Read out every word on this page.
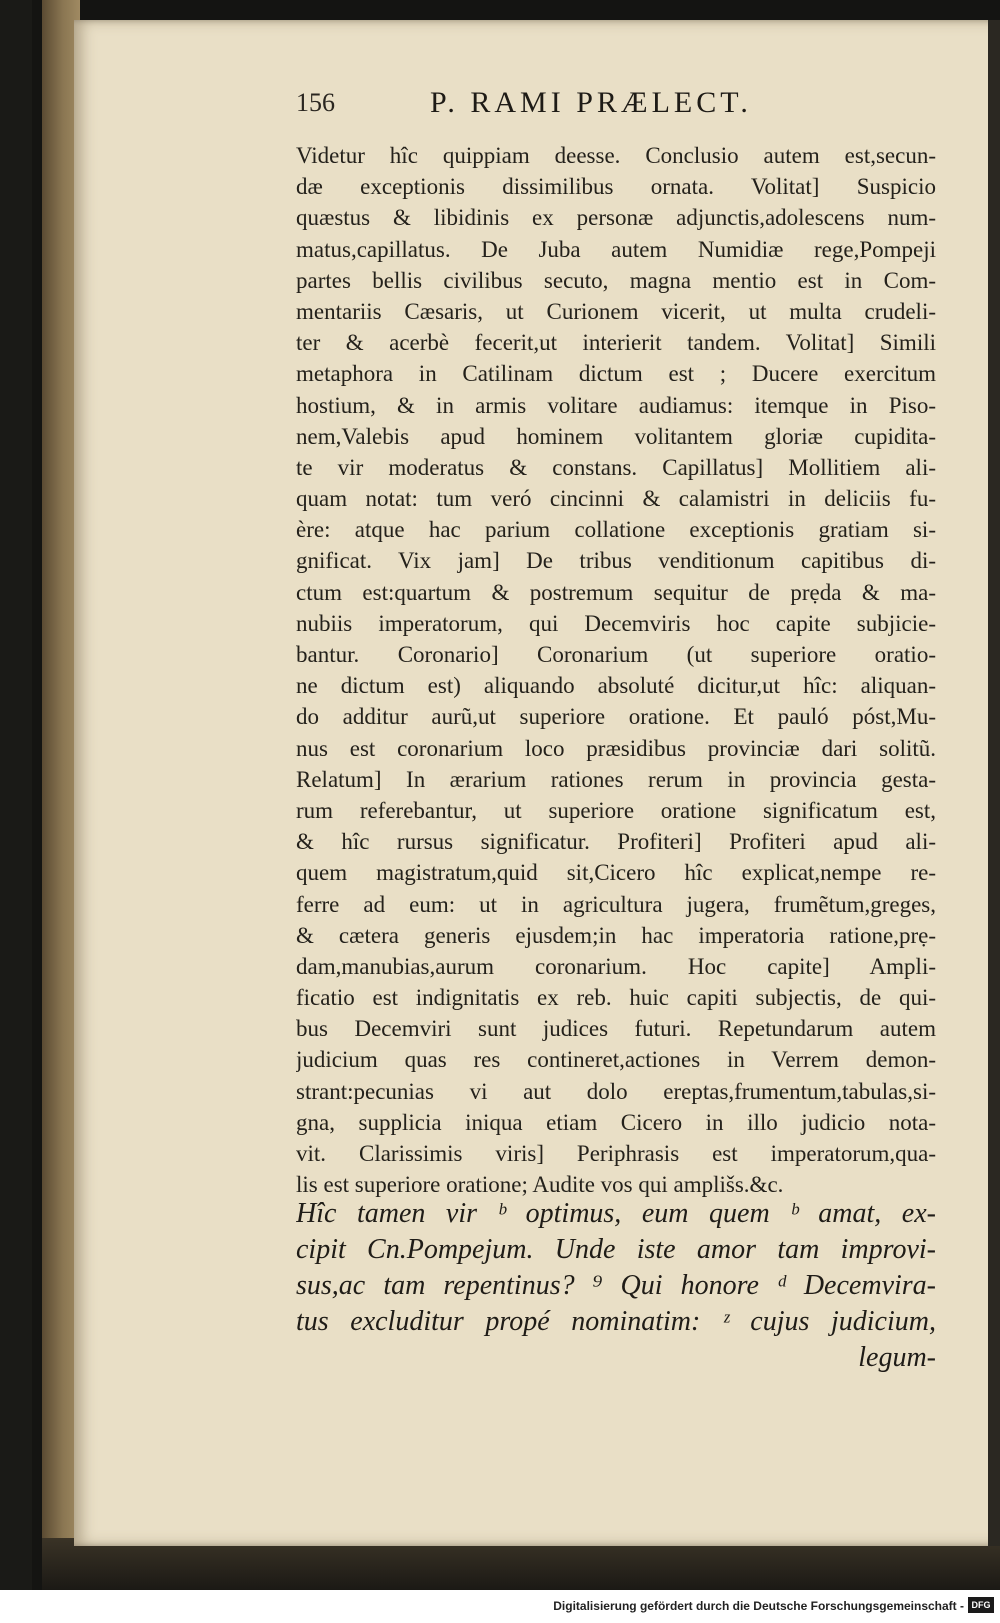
156	P. RAMI PRÆLECT.
Videtur hîc quippiam deesse. Conclusio autem est,secun-
dæ exceptionis dissimilibus ornata. Volitat] Suspicio
quæstus & libidinis ex personæ adjunctis,adolescens num-
matus,capillatus. De Juba autem Numidiæ rege,Pompeji
partes bellis civilibus secuto, magna mentio est in Com-
mentariis Cæsaris, ut Curionem vicerit, ut multa crudeli-
ter & acerbè fecerit,ut interierit tandem. Volitat] Simili
metaphora in Catilinam dictum est ; Ducere exercitum
hostium, & in armis volitare audiamus: itemque in Piso-
nem,Valebis apud hominem volitantem gloriæ cupidita-
te vir moderatus & constans. Capillatus] Mollitiem ali-
quam notat: tum veró cincinni & calamistri in deliciis fu-
ère: atque hac parium collatione exceptionis gratiam si-
gnificat. Vix jam] De tribus venditionum capitibus di-
ctum est:quartum & postremum sequitur de prẹda & ma-
nubiis imperatorum, qui Decemviris hoc capite subjicie-
bantur. Coronario] Coronarium (ut superiore oratio-
ne dictum est) aliquando absoluté dicitur,ut hîc: aliquan-
do additur aurũ,ut superiore oratione. Et pauló póst,Mu-
nus est coronarium loco præsidibus provinciæ dari solitũ.
Relatum] In ærarium rationes rerum in provincia gesta-
rum referebantur, ut superiore oratione significatum est,
& hîc rursus significatur. Profiteri] Profiteri apud ali-
quem magistratum,quid sit,Cicero hîc explicat,nempe re-
ferre ad eum: ut in agricultura jugera, frumẽtum,greges,
& cætera generis ejusdem;in hac imperatoria ratione,prẹ-
dam,manubias,aurum coronarium. Hoc capite] Ampli-
ficatio est indignitatis ex reb. huic capiti subjectis, de qui-
bus Decemviri sunt judices futuri. Repetundarum autem
judicium quas res contineret,actiones in Verrem demon-
strant:pecunias vi aut dolo ereptas,frumentum,tabulas,si-
gna, supplicia iniqua etiam Cicero in illo judicio nota-
vit. Clarissimis viris] Periphrasis est imperatorum,qua-
lis est superiore oratione; Audite vos qui amplišs.&c.
Hîc tamen vir ᵇ optimus, eum quem ᵇ amat, ex-
cipit Cn.Pompejum. Unde iste amor tam improvi-
sus,ac tam repentinus? ⁹ Qui honore ᵈ Decemvira-
tus excluditur propé nominatim: ᶻ cujus judicium,
legum-
Digitalisierung gefördert durch die Deutsche Forschungsgemeinschaft - DFG
